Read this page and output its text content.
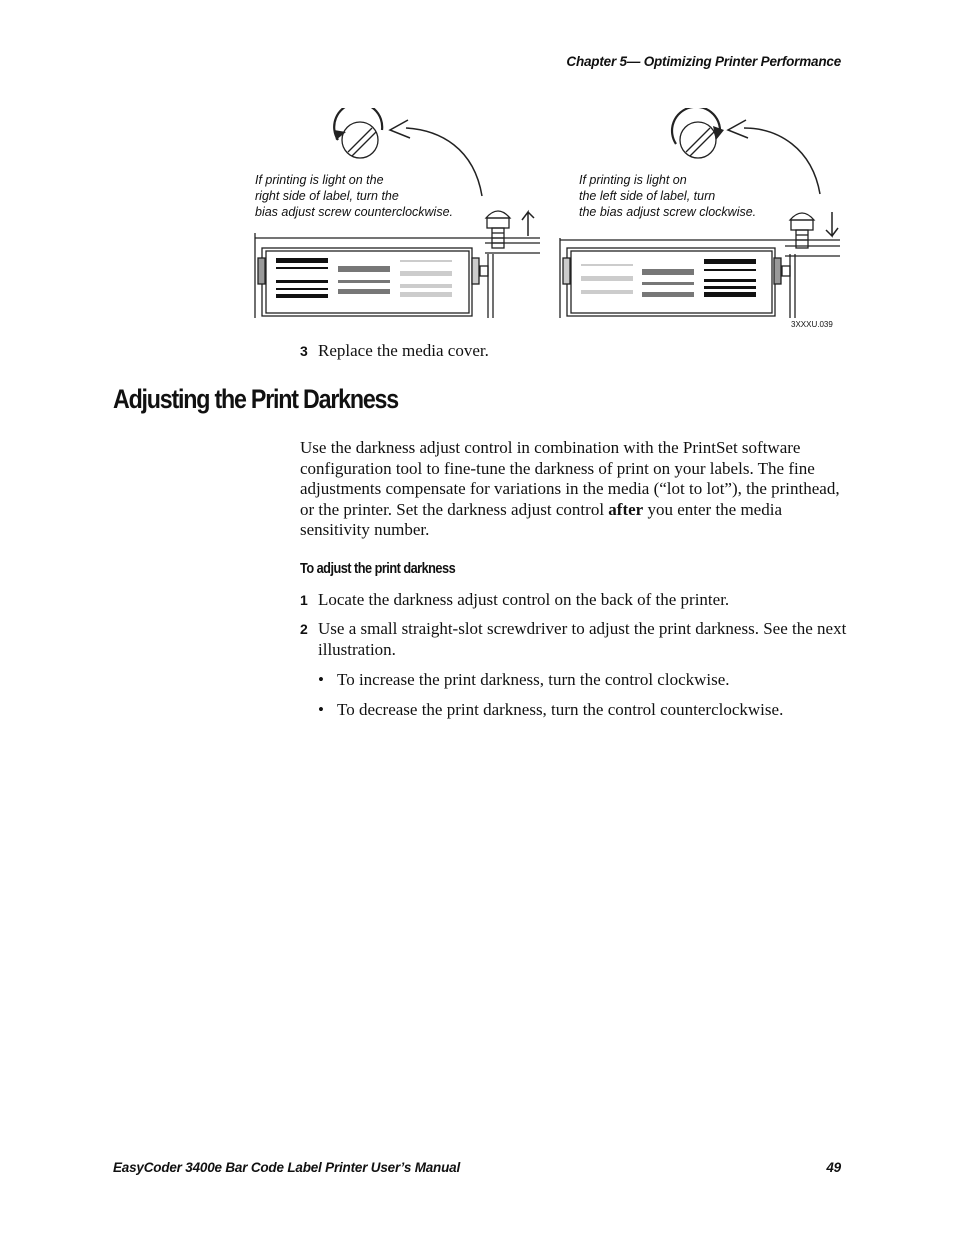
Chapter 5— Optimizing Printer Performance
If printing is light on the
right side of label, turn the
bias adjust screw counterclockwise.
If printing is light on
the left side of label, turn
the bias adjust screw clockwise.
3XXXU.039
3 Replace the media cover.
Adjusting the Print Darkness
Use the darkness adjust control in combination with the PrintSet software configuration tool to fine-tune the darkness of print on your labels. The fine adjustments compensate for variations in the media (“lot to lot”), the printhead, or the printer. Set the darkness adjust control after you enter the media sensitivity number.
To adjust the print darkness
1 Locate the darkness adjust control on the back of the printer.
2 Use a small straight-slot screwdriver to adjust the print darkness. See the next illustration.
• To increase the print darkness, turn the control clockwise.
• To decrease the print darkness, turn the control counterclockwise.
EasyCoder 3400e Bar Code Label Printer User’s Manual	49
